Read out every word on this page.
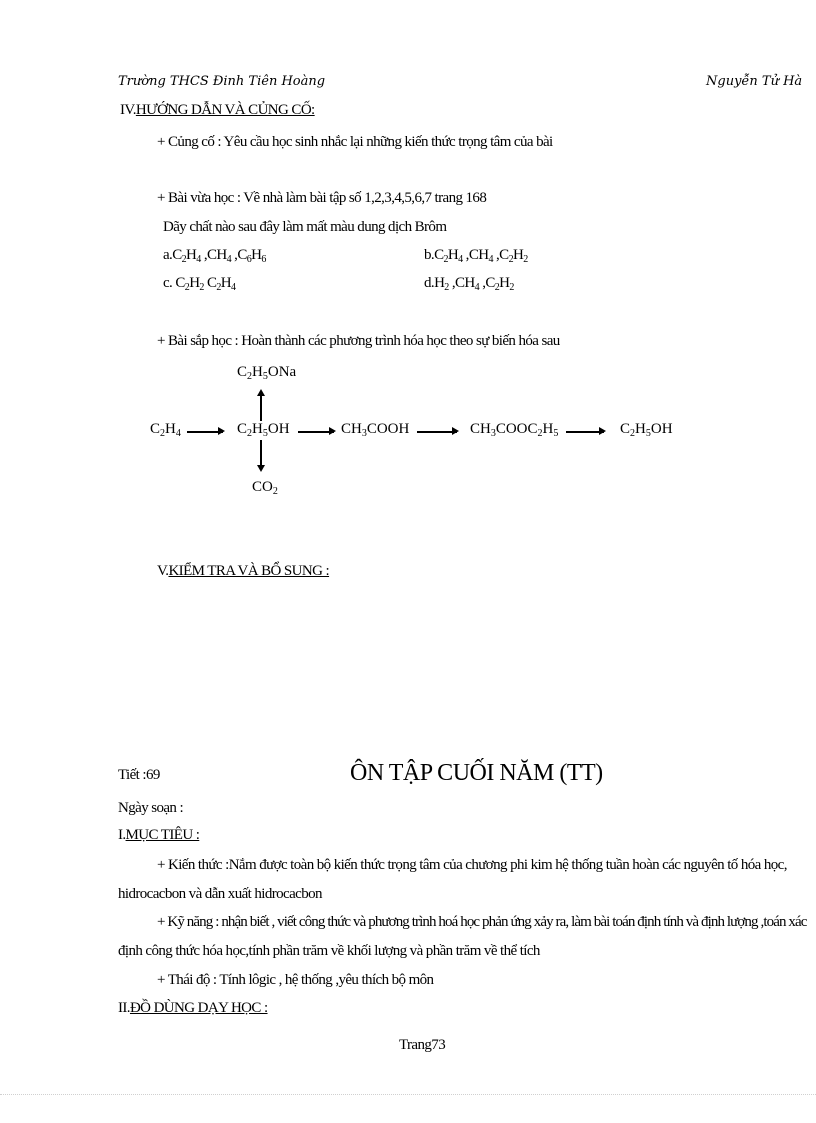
Trường THCS Đinh Tiên Hoàng	Nguyễn Tử Hà
IV.HƯỚNG DẪN VÀ CỦNG CỐ:
+ Củng cố : Yêu cầu học sinh nhắc lại những kiến thức trọng tâm của bài
+ Bài vừa học : Về nhà làm bài tập số 1,2,3,4,5,6,7 trang 168
Dãy chất nào sau đây làm mất màu dung dịch Brôm
$a.C_2H_4$ $,CH_4$ $,C_6H_6$	$b.C_2H_4$ $,CH_4$ $,C_2H_2$
c. $C_2H_2$ $C_2H_4$	$d.H_2$ $,CH_4$ $,C_2H_2$
+ Bài sắp học : Hoàn thành các phương trình hóa học theo sự biến hóa sau
$C_2H_5ONa$
$C_2H_4$	$C_2H_5OH$	$CH_3COOH$	$CH_3COOC_2H_5$	$C_2H_5OH$
$CO_2$
V.KIỂM TRA VÀ BỔ SUNG :
Tiết :69	ÔN TẬP CUỐI NĂM (TT)
Ngày soạn :
I.MỤC TIÊU :
+ Kiến thức :Nắm được toàn bộ kiến thức trọng tâm của chương phi kim hệ thống tuần hoàn các nguyên tố hóa học,
hidrocacbon và dẫn xuất hidrocacbon
+ Kỹ năng : nhận biết , viết công thức và phương trình hoá học phản ứng xảy ra, làm bài toán định tính và định lượng ,toán xác
định công thức hóa học,tính phần trăm về khối lượng và phần trăm về thể tích
+ Thái độ : Tính lôgic , hệ thống ,yêu thích bộ môn
II.ĐỒ DÙNG DẠY HỌC :
Trang73
